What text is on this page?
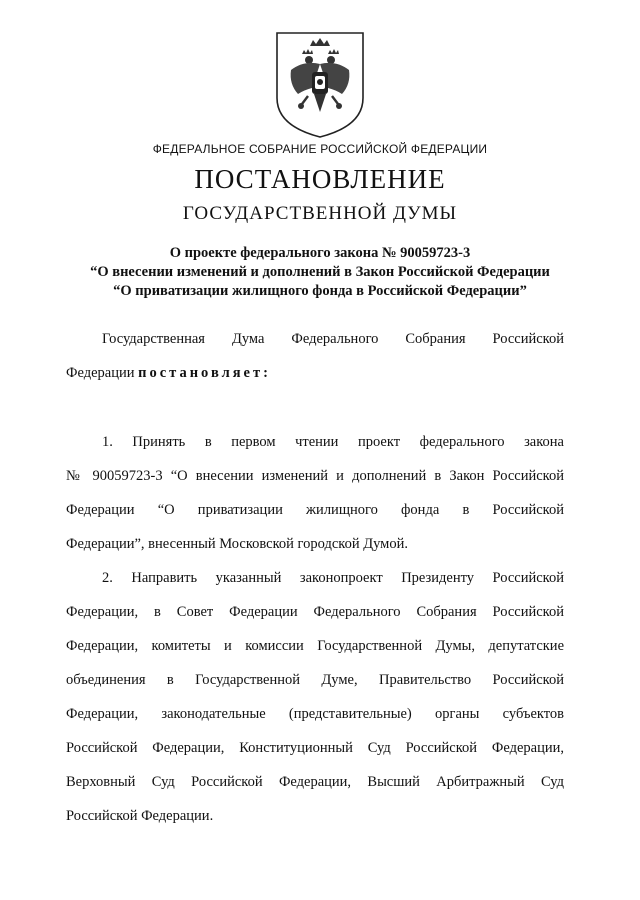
ФЕДЕРАЛЬНОЕ СОБРАНИЕ РОССИЙСКОЙ ФЕДЕРАЦИИ
ПОСТАНОВЛЕНИЕ
ГОСУДАРСТВЕННОЙ ДУМЫ
О проекте федерального закона № 90059723-3
“О внесении изменений и дополнений в Закон Российской Федерации
“О приватизации жилищного фонда в Российской Федерации”

Государственная Дума Федерального Собрания Российской

Федерации постановляет:

1. Принять в первом чтении проект федерального закона

№ 90059723-3 “О внесении изменений и дополнений в Закон Российской

Федерации “О приватизации жилищного фонда в Российской

Федерации”, внесенный Московской городской Думой.

2. Направить указанный законопроект Президенту Российской

Федерации, в Совет Федерации Федерального Собрания Российской

Федерации, комитеты и комиссии Государственной Думы, депутатские

объединения в Государственной Думе, Правительство Российской

Федерации, законодательные (представительные) органы субъектов

Российской Федерации, Конституционный Суд Российской Федерации,

Верховный Суд Российской Федерации, Высший Арбитражный Суд

Российской Федерации.
